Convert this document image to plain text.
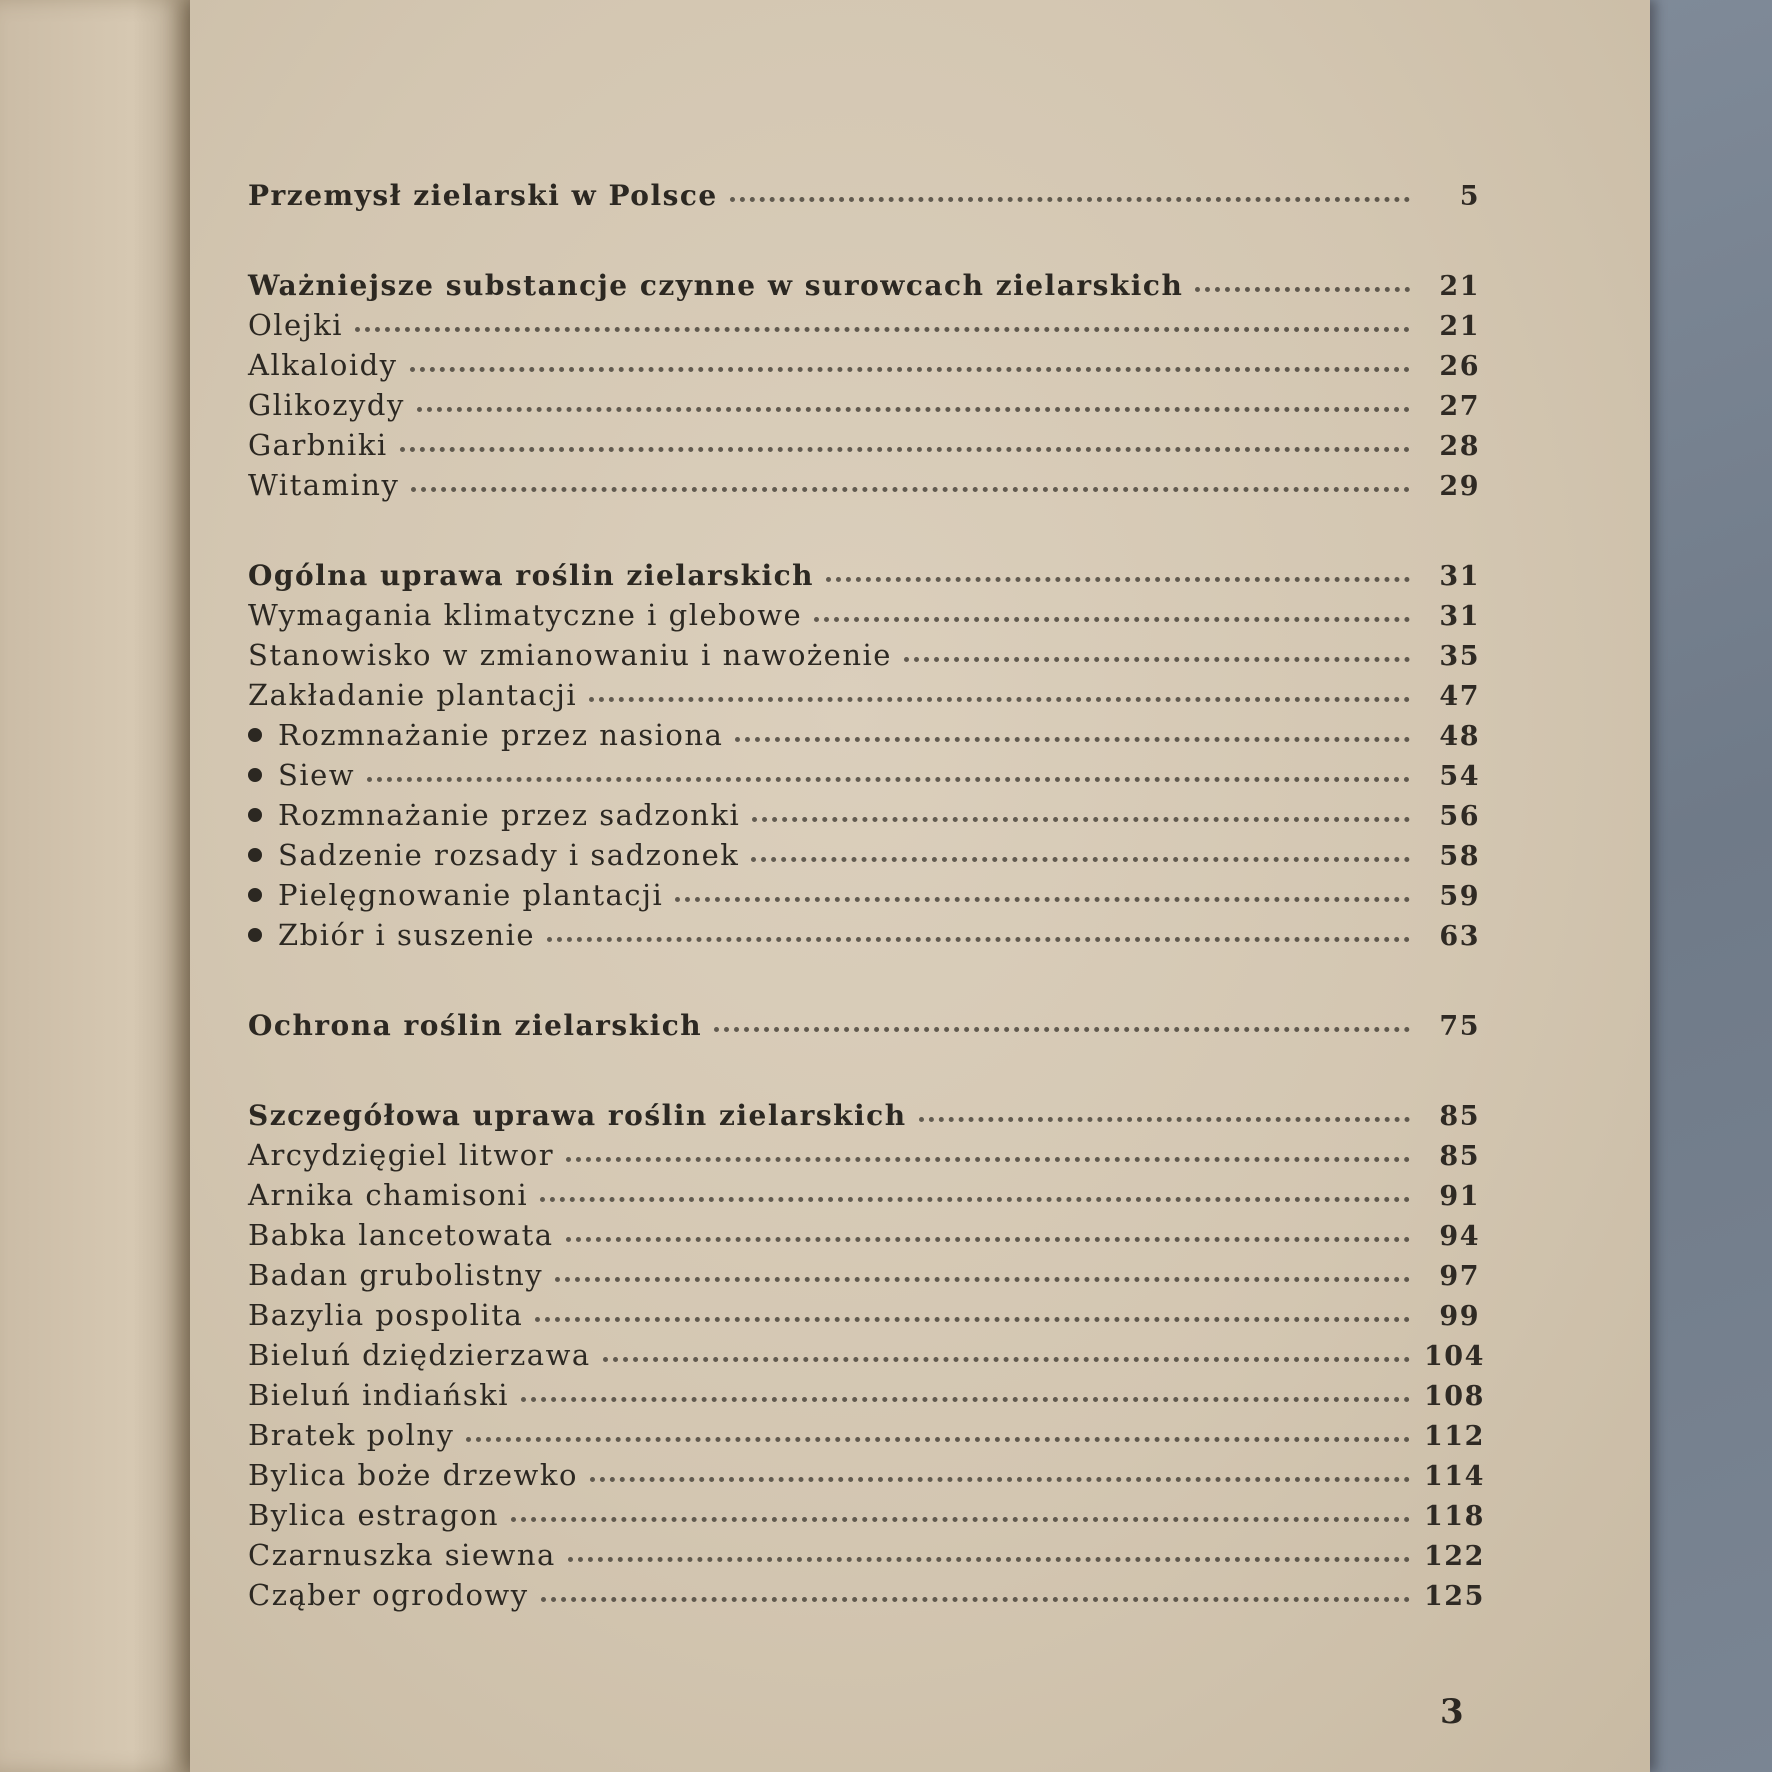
Przemysł zielarski w Polsce	5
Ważniejsze substancje czynne w surowcach zielarskich	21
Olejki	21
Alkaloidy	26
Glikozydy	27
Garbniki	28
Witaminy	29
Ogólna uprawa roślin zielarskich	31
Wymagania klimatyczne i glebowe	31
Stanowisko w zmianowaniu i nawożenie	35
Zakładanie plantacji	47
Rozmnażanie przez nasiona	48
Siew	54
Rozmnażanie przez sadzonki	56
Sadzenie rozsady i sadzonek	58
Pielęgnowanie plantacji	59
Zbiór i suszenie	63
Ochrona roślin zielarskich	75
Szczegółowa uprawa roślin zielarskich	85
Arcydzięgiel litwor	85
Arnika chamisoni	91
Babka lancetowata	94
Badan grubolistny	97
Bazylia pospolita	99
Bieluń dziędzierzawa	104
Bieluń indiański	108
Bratek polny	112
Bylica boże drzewko	114
Bylica estragon	118
Czarnuszka siewna	122
Cząber ogrodowy	125
3
